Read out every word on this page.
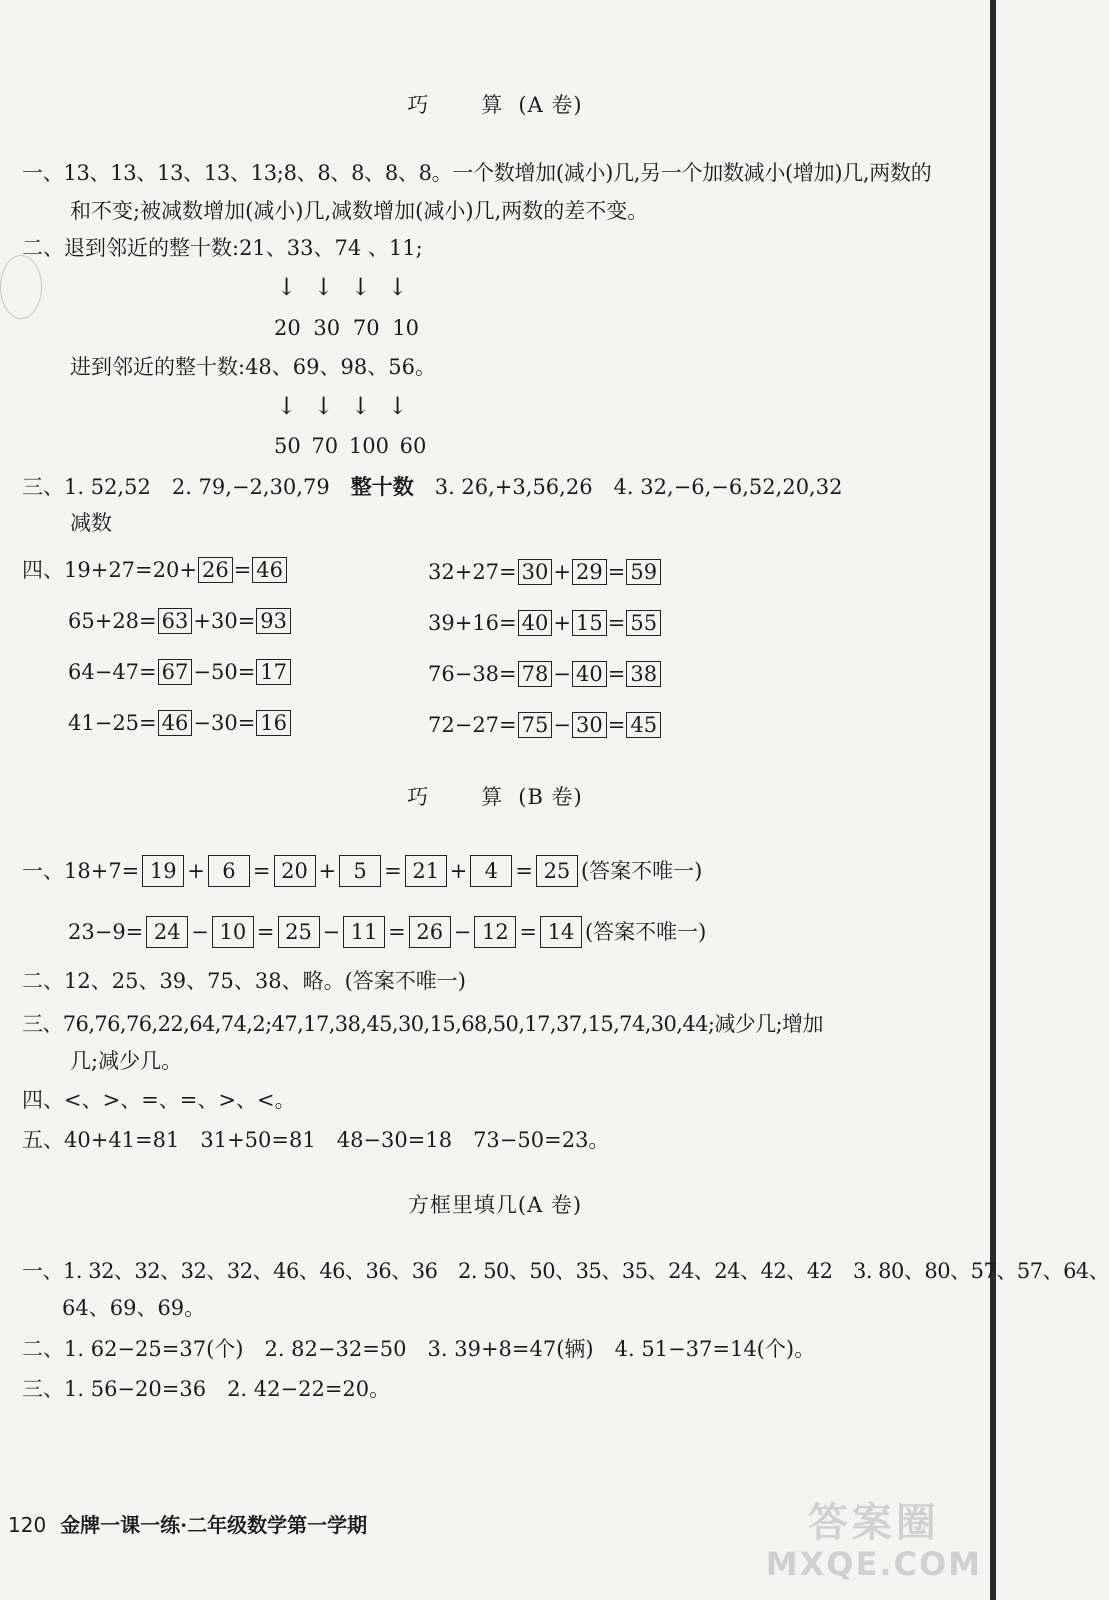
巧　算(A 卷)
一、13、13、13、13、13;8、8、8、8、8。一个数增加(减小)几,另一个加数减小(增加)几,两数的
和不变;被减数增加(减小)几,减数增加(减小)几,两数的差不变。
二、退到邻近的整十数:21、33、74 、11;
↓ ↓ ↓ ↓
20 30 70 10
进到邻近的整十数:48、69、98、56。
↓ ↓ ↓ ↓
50 70 100 60
三、1. 52,52　2. 79,−2,30,79　 整十数　 3. 26,+3,56,26　4. 32,−6,−6,52,20,32
减数
四、19+27=20+ 26 = 46
65+28= 63 +30= 93
64−47= 67 −50= 17
41−25= 46 −30= 16
32+27= 30 + 29 = 59
39+16= 40 + 15 = 55
76−38= 78 − 40 = 38
72−27= 75 − 30 = 45
巧　算(B 卷)
一、18+7= 19 + 6 = 20 + 5 = 21 + 4 = 25 (答案不唯一)
23−9= 24 − 10 = 25 − 11 = 26 − 12 = 14 (答案不唯一)
二、12、25、39、75、38、略。(答案不唯一)
三、76,76,76,22,64,74,2;47,17,38,45,30,15,68,50,17,37,15,74,30,44;减少几;增加
几;减少几。
四、<、>、=、=、>、<。
五、40+41=81　31+50=81　48−30=18　73−50=23。
方框里填几(A 卷)
一、1. 32、32、32、32、46、46、36、36　2. 50、50、35、35、24、24、42、42　3. 80、80、57、57、64、
64、69、69。
二、1. 62−25=37(个)　2. 82−32=50　3. 39+8=47(辆)　4. 51−37=14(个)。
三、1. 56−20=36　2. 42−22=20。
120 金牌一课一练·二年级数学第一学期	答案圈
MXQE.COM
